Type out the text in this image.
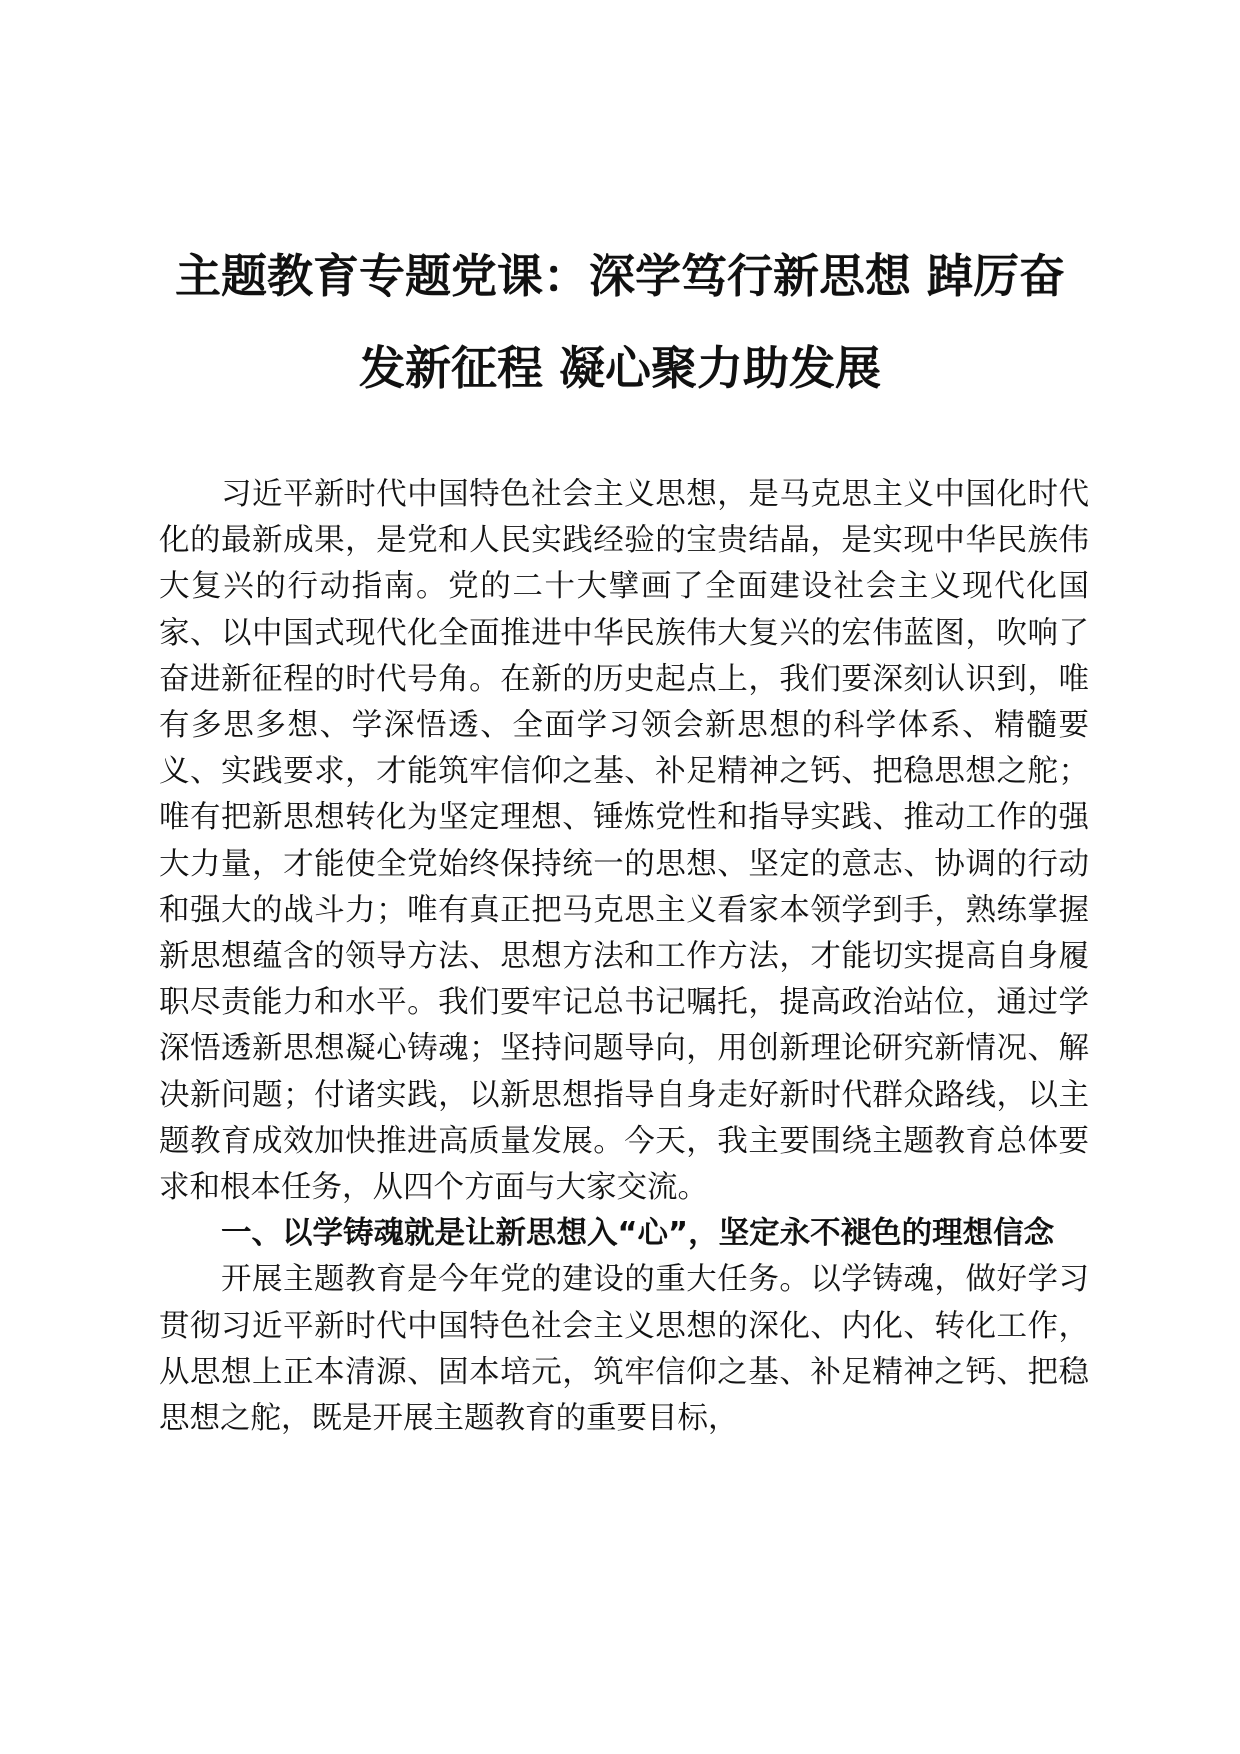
主题教育专题党课：深学笃行新思想 踔厉奋
发新征程 凝心聚力助发展

习近平新时代中国特色社会主义思想，是马克思主义中国化时代化的最新成果，是党和人民实践经验的宝贵结晶，是实现中华民族伟大复兴的行动指南。党的二十大擘画了全面建设社会主义现代化国家、以中国式现代化全面推进中华民族伟大复兴的宏伟蓝图，吹响了奋进新征程的时代号角。在新的历史起点上，我们要深刻认识到，唯有多思多想、学深悟透、全面学习领会新思想的科学体系、精髓要义、实践要求，才能筑牢信仰之基、补足精神之钙、把稳思想之舵；唯有把新思想转化为坚定理想、锤炼党性和指导实践、推动工作的强大力量，才能使全党始终保持统一的思想、坚定的意志、协调的行动和强大的战斗力；唯有真正把马克思主义看家本领学到手，熟练掌握新思想蕴含的领导方法、思想方法和工作方法，才能切实提高自身履职尽责能力和水平。我们要牢记总书记嘱托，提高政治站位，通过学深悟透新思想凝心铸魂；坚持问题导向，用创新理论研究新情况、解决新问题；付诸实践，以新思想指导自身走好新时代群众路线，以主题教育成效加快推进高质量发展。今天，我主要围绕主题教育总体要求和根本任务，从四个方面与大家交流。

一、以学铸魂就是让新思想入“心”，坚定永不褪色的理想信念

开展主题教育是今年党的建设的重大任务。以学铸魂，做好学习贯彻习近平新时代中国特色社会主义思想的深化、内化、转化工作，从思想上正本清源、固本培元，筑牢信仰之基、补足精神之钙、把稳思想之舵，既是开展主题教育的重要目标，
